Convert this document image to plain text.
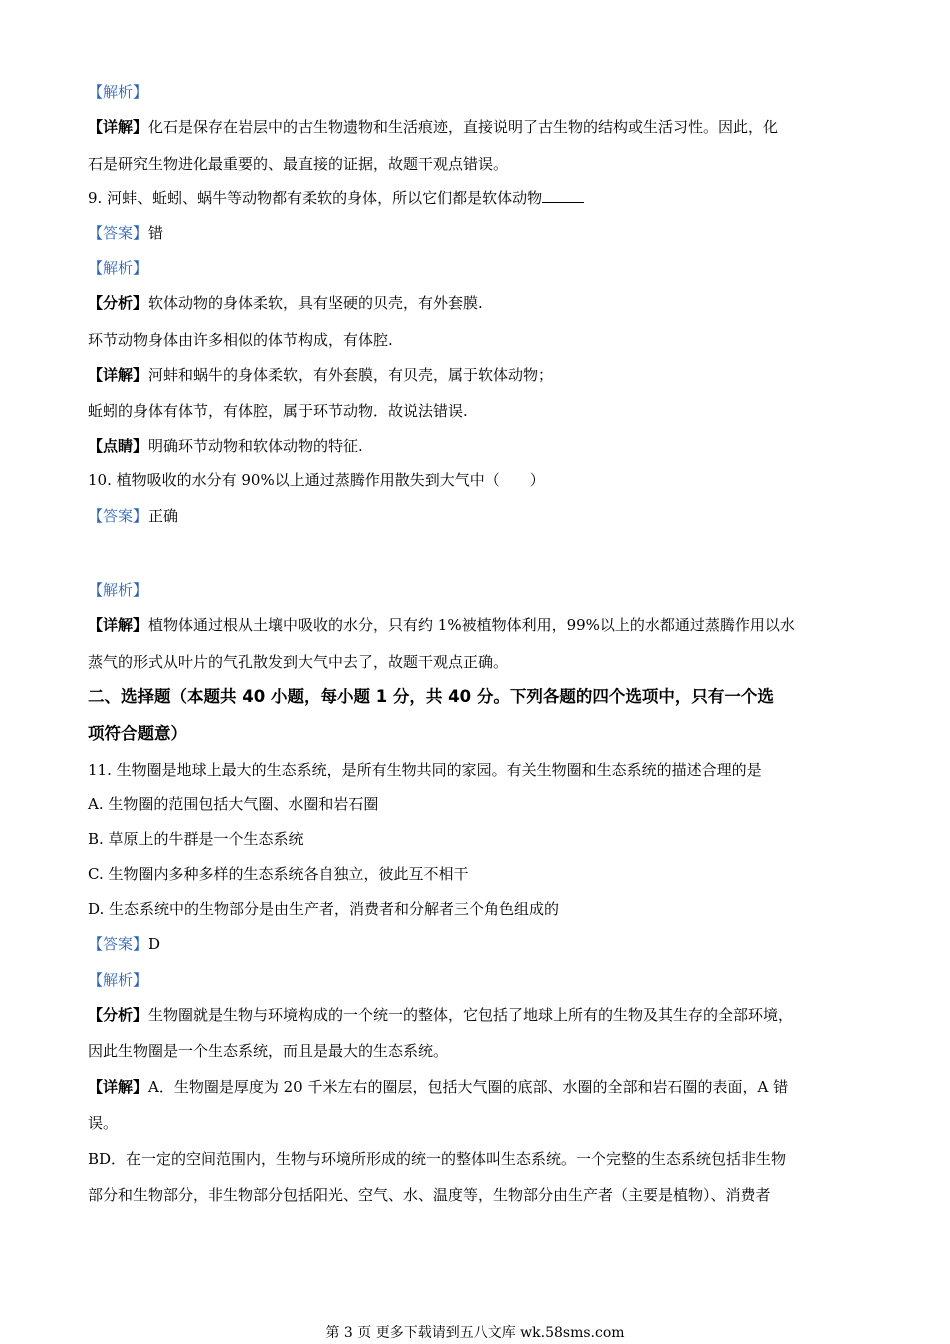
【解析】
【详解】化石是保存在岩层中的古生物遗物和生活痕迹，直接说明了古生物的结构或生活习性。因此，化
石是研究生物进化最重要的、最直接的证据，故题干观点错误。
9. 河蚌、蚯蚓、蜗牛等动物都有柔软的身体，所以它们都是软体动物
【答案】错
【解析】
【分析】软体动物的身体柔软，具有坚硬的贝壳，有外套膜.
环节动物身体由许多相似的体节构成，有体腔.
【详解】河蚌和蜗牛的身体柔软，有外套膜，有贝壳，属于软体动物；
蚯蚓的身体有体节，有体腔，属于环节动物．故说法错误.
【点睛】明确环节动物和软体动物的特征.
10. 植物吸收的水分有 90%以上通过蒸腾作用散失到大气中（　　）
【答案】正确
【解析】
【详解】植物体通过根从土壤中吸收的水分，只有约 1%被植物体利用，99%以上的水都通过蒸腾作用以水
蒸气的形式从叶片的气孔散发到大气中去了，故题干观点正确。
二、选择题（本题共 40 小题，每小题 1 分，共 40 分。下列各题的四个选项中，只有一个选
项符合题意）
11. 生物圈是地球上最大的生态系统，是所有生物共同的家园。有关生物圈和生态系统的描述合理的是
A. 生物圈的范围包括大气圈、水圈和岩石圈
B. 草原上的牛群是一个生态系统
C. 生物圈内多种多样的生态系统各自独立，彼此互不相干
D. 生态系统中的生物部分是由生产者，消费者和分解者三个角色组成的
【答案】D
【解析】
【分析】生物圈就是生物与环境构成的一个统一的整体，它包括了地球上所有的生物及其生存的全部环境，
因此生物圈是一个生态系统，而且是最大的生态系统。
【详解】A．生物圈是厚度为 20 千米左右的圈层，包括大气圈的底部、水圈的全部和岩石圈的表面，A 错
误。
BD．在一定的空间范围内，生物与环境所形成的统一的整体叫生态系统。一个完整的生态系统包括非生物
部分和生物部分，非生物部分包括阳光、空气、水、温度等，生物部分由生产者（主要是植物）、消费者
第 3 页 更多下载请到五八文库 wk.58sms.com
